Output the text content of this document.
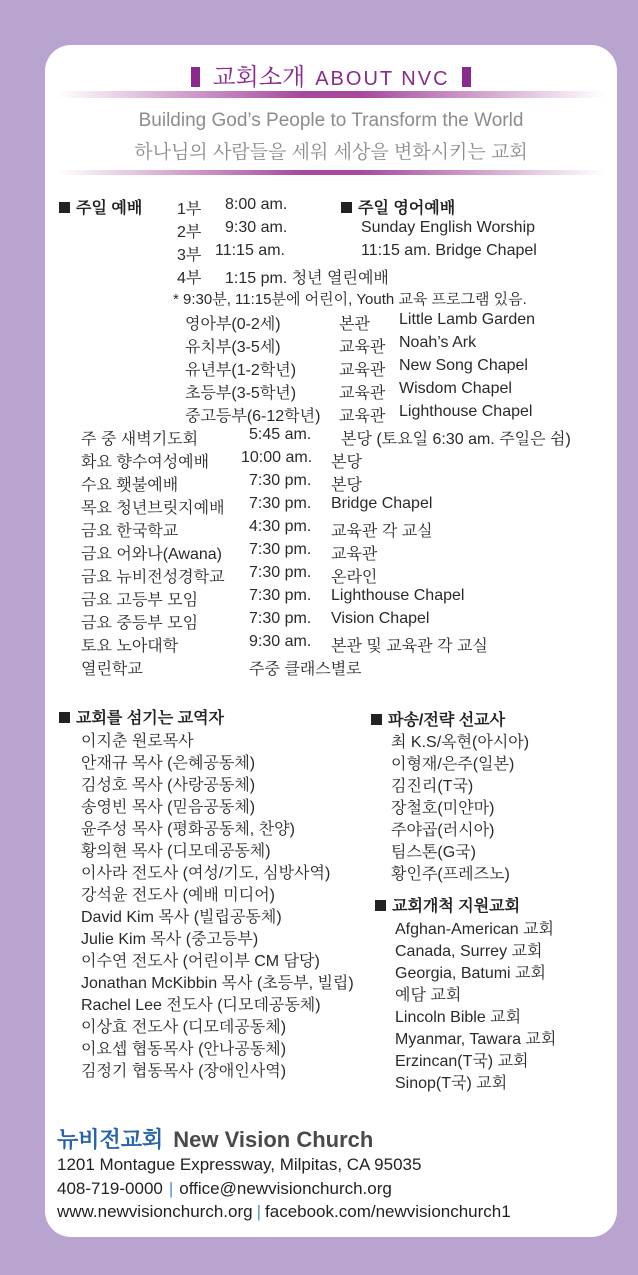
교회소개 ABOUT NVC
Building God’s People to Transform the World
하나님의 사람들을 세워 세상을 변화시키는 교회
주일 예배 1부 8:00 am.
2부 9:30 am.
3부 11:15 am.
4부 1:15 pm. 청년 열린예배
주일 영어예배
Sunday English Worship
11:15 am. Bridge Chapel
* 9:30분, 11:15분에 어린이, Youth 교육 프로그램 있음.
영아부(0-2세)	본관 Little Lamb Garden
유치부(3-5세)	교육관 Noah’s Ark
유년부(1-2학년)	교육관 New Song Chapel
초등부(3-5학년)	교육관 Wisdom Chapel
중고등부(6-12학년) 교육관 Lighthouse Chapel
주 중 새벽기도회	5:45 am. 본당 (토요일 6:30 am. 주일은 쉼)
화요 향수여성예배 10:00 am. 본당
수요 횃불예배	7:30 pm. 본당
목요 청년브릿지예배 7:30 pm. Bridge Chapel
금요 한국학교	4:30 pm. 교육관 각 교실
금요 어와나(Awana) 7:30 pm. 교육관
금요 뉴비전성경학교 7:30 pm. 온라인
금요 고등부 모임	7:30 pm. Lighthouse Chapel
금요 중등부 모임	7:30 pm. Vision Chapel
토요 노아대학	9:30 am. 본관 및 교육관 각 교실
열린학교	주중 클래스별로
교회를 섬기는 교역자
이지춘 원로목사
안재규 목사 (은혜공동체)
김성호 목사 (사랑공동체)
송영빈 목사 (믿음공동체)
윤주성 목사 (평화공동체, 찬양)
황의현 목사 (디모데공동체)
이사라 전도사 (여성/기도, 심방사역)
강석윤 전도사 (예배 미디어)
David Kim 목사 (빌립공동체)
Julie Kim 목사 (중고등부)
이수연 전도사 (어린이부 CM 담당)
Jonathan McKibbin 목사 (초등부, 빌립)
Rachel Lee 전도사 (디모데공동체)
이상효 전도사 (디모데공동체)
이요셉 협동목사 (안나공동체)
김정기 협동목사 (장애인사역)
파송/전략 선교사
최 K.S/옥현(아시아)
이형재/은주(일본)
김진리(T국)
장철호(미얀마)
주야곱(러시아)
팀스톤(G국)
황인주(프레즈노)
교회개척 지원교회
Afghan-American 교회
Canada, Surrey 교회
Georgia, Batumi 교회
예담 교회
Lincoln Bible 교회
Myanmar, Tawara 교회
Erzincan(T국) 교회
Sinop(T국) 교회
뉴비전교회 New Vision Church
1201 Montague Expressway, Milpitas, CA 95035
408-719-0000 | office@newvisionchurch.org
www.newvisionchurch.org | facebook.com/newvisionchurch1
